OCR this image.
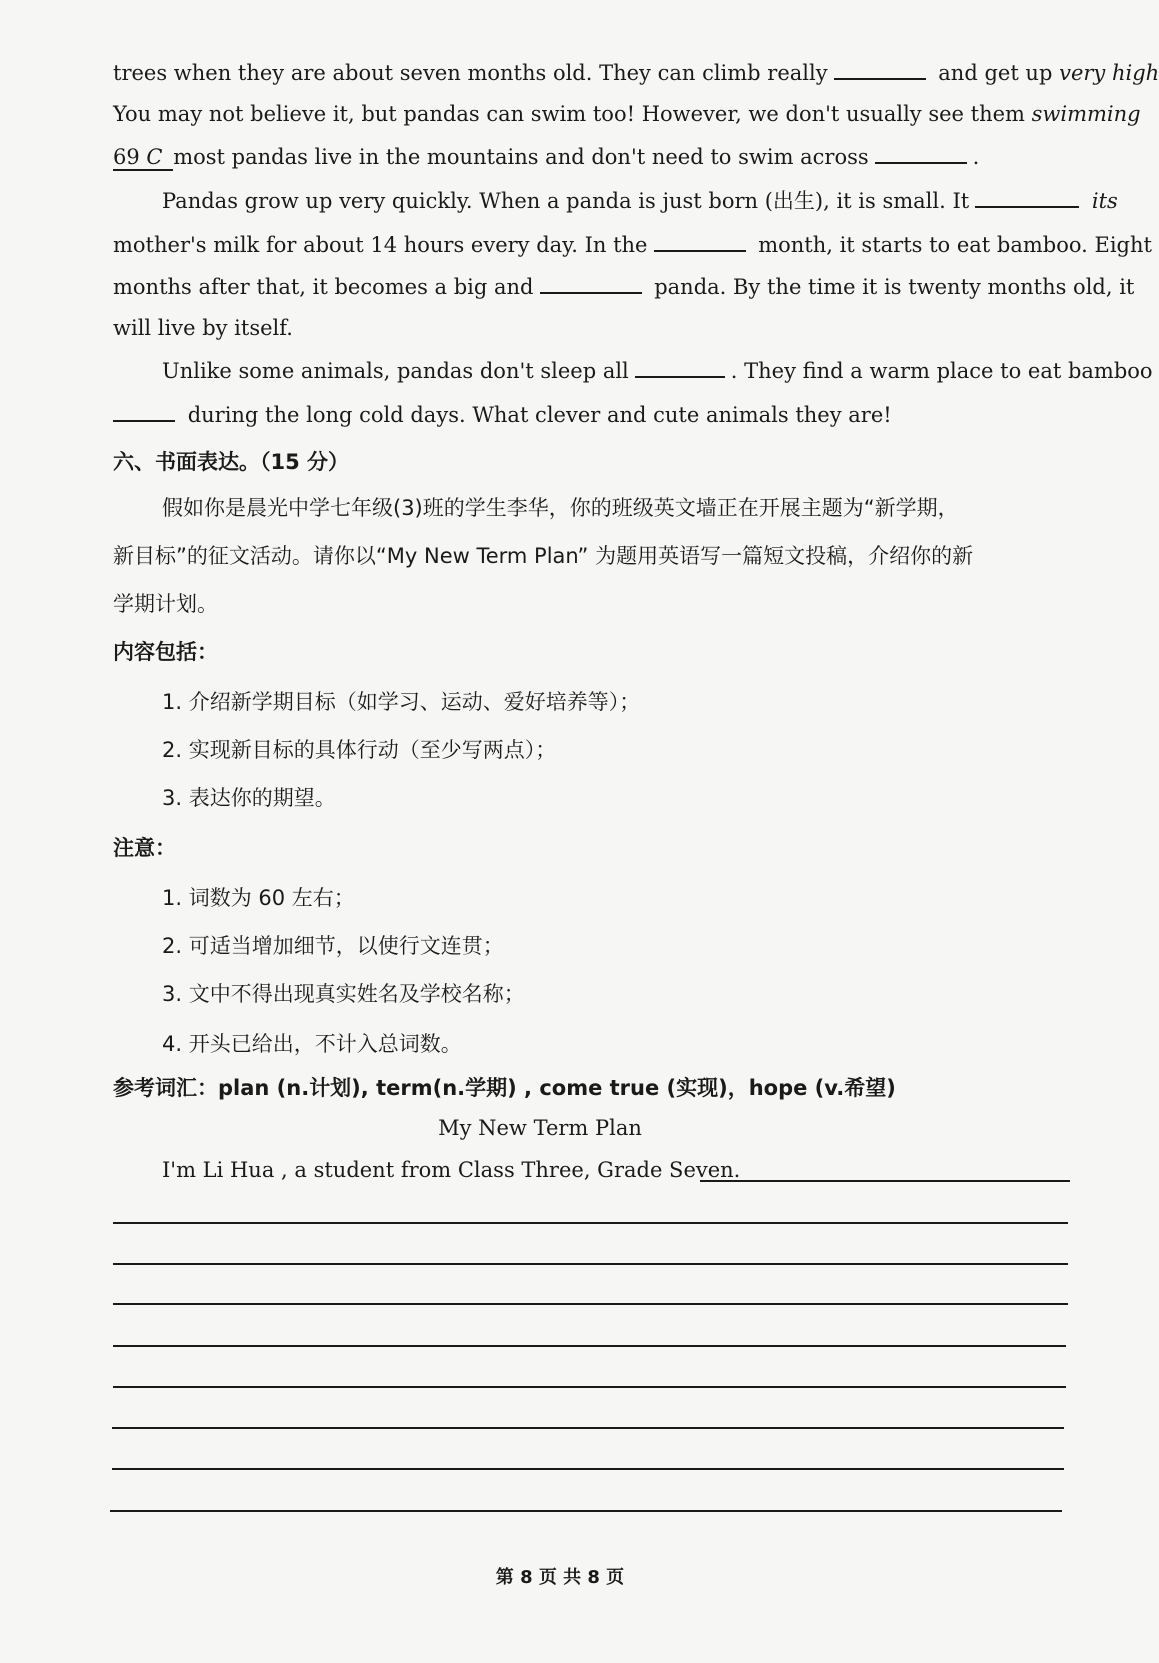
trees when they are about seven months old. They can climb really	and get up very high
You may not believe it, but pandas can swim too! However, we don't usually see them swimming
69 C most pandas live in the mountains and don't need to swim across	.
Pandas grow up very quickly. When a panda is just born (出生), it is small. It	its
mother's milk for about 14 hours every day. In the	month, it starts to eat bamboo. Eight
months after that, it becomes a big and	panda. By the time it is twenty months old, it
will live by itself.
Unlike some animals, pandas don't sleep all	. They find a warm place to eat bamboo
during the long cold days. What clever and cute animals they are!
六、书面表达。（15 分）
假如你是晨光中学七年级(3)班的学生李华，你的班级英文墙正在开展主题为“新学期，
新目标”的征文活动。请你以“My New Term Plan” 为题用英语写一篇短文投稿，介绍你的新
学期计划。
内容包括：
1. 介绍新学期目标（如学习、运动、爱好培养等）；
2. 实现新目标的具体行动（至少写两点）；
3. 表达你的期望。
注意：
1. 词数为 60 左右；
2. 可适当增加细节，以使行文连贯；
3. 文中不得出现真实姓名及学校名称；
4. 开头已给出，不计入总词数。
参考词汇：plan (n.计划), term(n.学期) , come true (实现)，hope (v.希望)
My New Term Plan
I'm Li Hua , a student from Class Three, Grade Seven.
第 8 页 共 8 页
